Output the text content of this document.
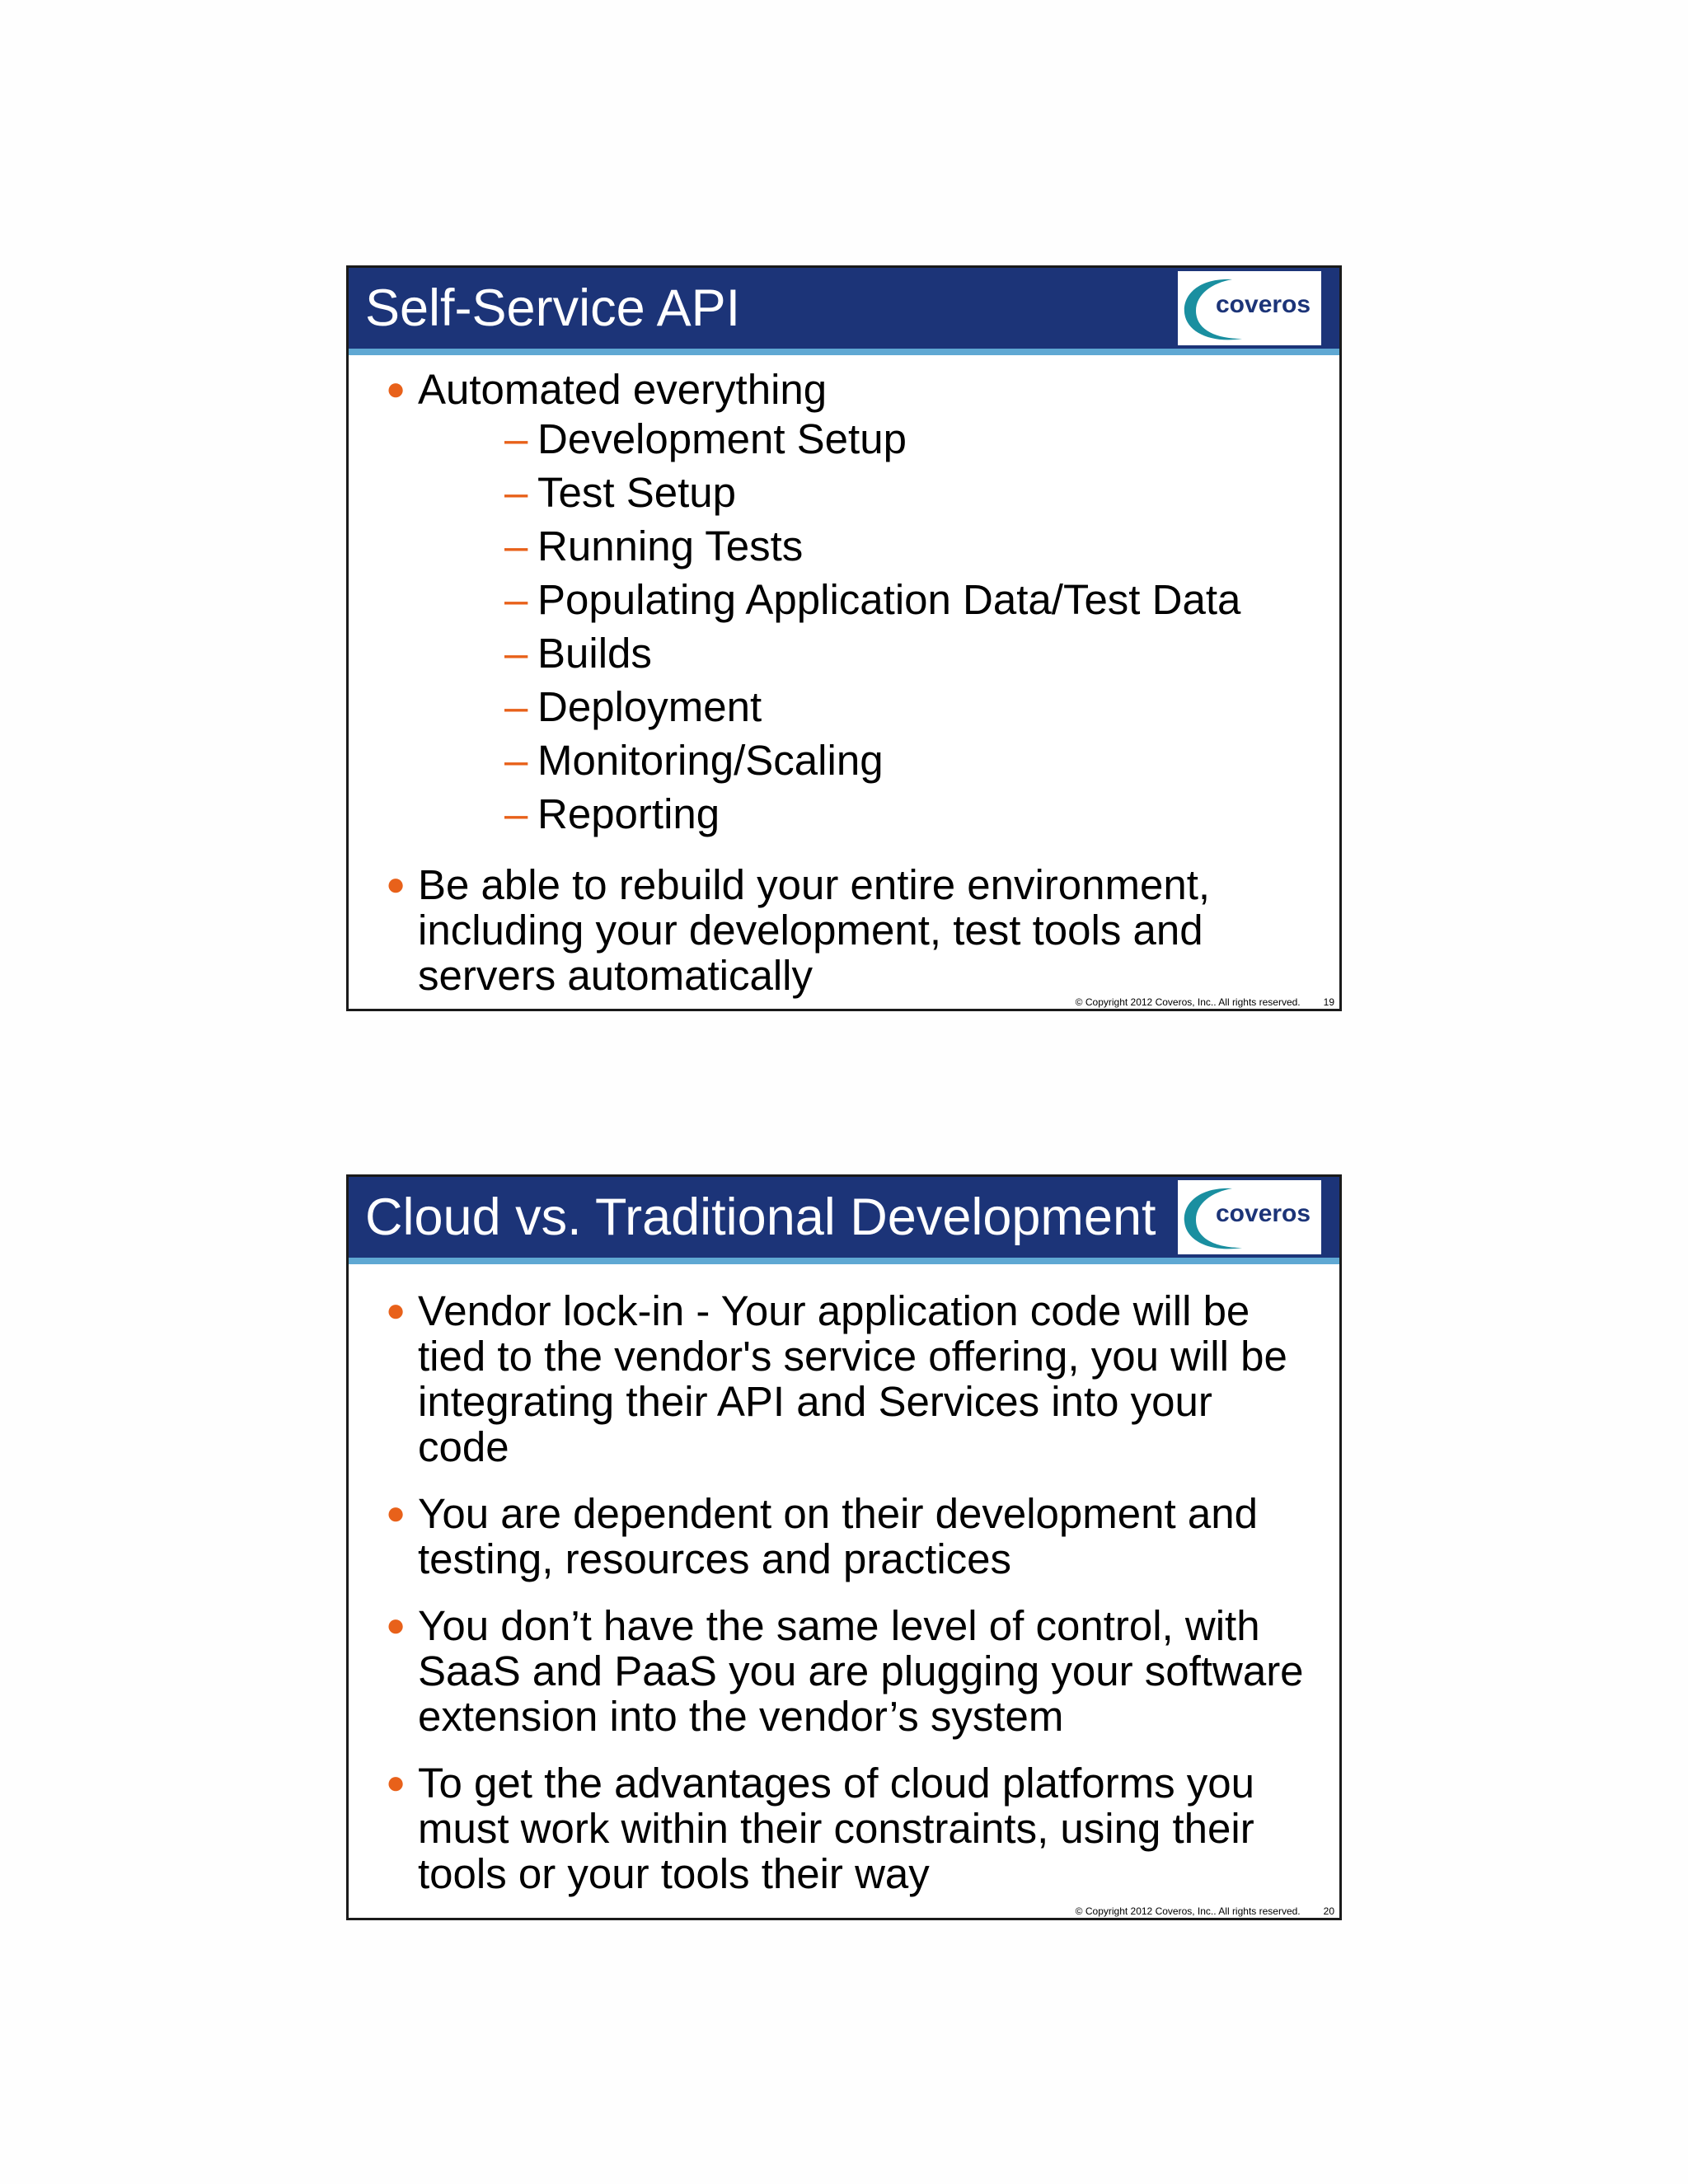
Self-Service API	coveros
● Automated everything
– Development Setup
– Test Setup
– Running Tests
– Populating Application Data/Test Data
– Builds
– Deployment
– Monitoring/Scaling
– Reporting
● Be able to rebuild your entire environment, including your development, test tools and servers automatically
© Copyright 2012 Coveros, Inc.. All rights reserved. 19
Cloud vs. Traditional Development coveros
● Vendor lock-in - Your application code will be tied to the vendor's service offering, you will be integrating their API and Services into your code
● You are dependent on their development and testing, resources and practices
● You don’t have the same level of control, with SaaS and PaaS you are plugging your software extension into the vendor’s system
● To get the advantages of cloud platforms you must work within their constraints, using their tools or your tools their way
© Copyright 2012 Coveros, Inc.. All rights reserved. 20
